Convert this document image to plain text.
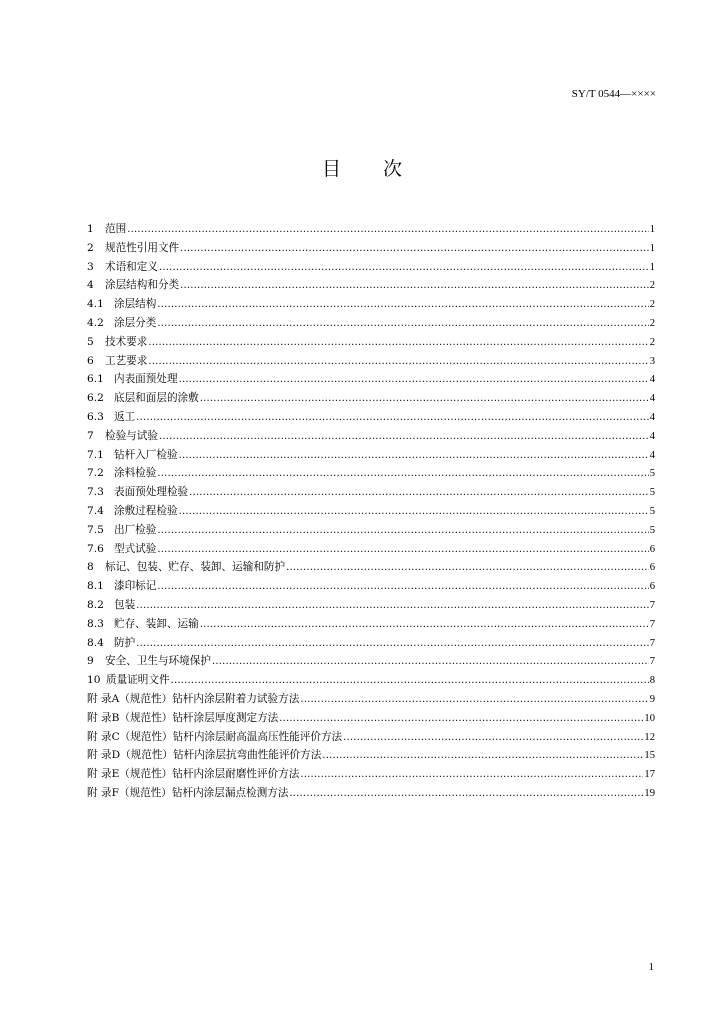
SY/T 0544—××××
目次
1	范围 .....	1
2	规范性引用文件 .....	1
3	术语和定义 .....	1
4	涂层结构和分类 .....	2
4.1 涂层结构 .....	2
4.2 涂层分类 .....	2
5	技术要求 .....	2
6	工艺要求 .....	3
6.1 内表面预处理 .....	4
6.2 底层和面层的涂敷 .....	4
6.3 返工 .....	4
7	检验与试验 .....	4
7.1 钻杆入厂检验 .....	4
7.2 涂料检验 .....	5
7.3 表面预处理检验 .....	5
7.4 涂敷过程检验 .....	5
7.5 出厂检验 .....	5
7.6 型式试验 .....	6
8	标记、包装、贮存、装卸、运输和防护 .....	6
8.1 漆印标记 .....	6
8.2 包装 .....	7
8.3 贮存、装卸、运输 .....	7
8.4 防护 .....	7
9	安全、卫生与环境保护 .....	7
10 质量证明文件 .....	8
附 录 A （规范性） 钻杆内涂层附着力试验方法 .....	9
附 录 B （规范性） 钻杆涂层厚度测定方法 .....	10
附 录 C （规范性） 钻杆内涂层耐高温高压性能评价方法 .....	12
附 录 D （规范性） 钻杆内涂层抗弯曲性能评价方法 .....	15
附 录 E （规范性） 钻杆内涂层耐磨性评价方法 .....	17
附 录 F （规范性） 钻杆内涂层漏点检测方法 .....	19
1
